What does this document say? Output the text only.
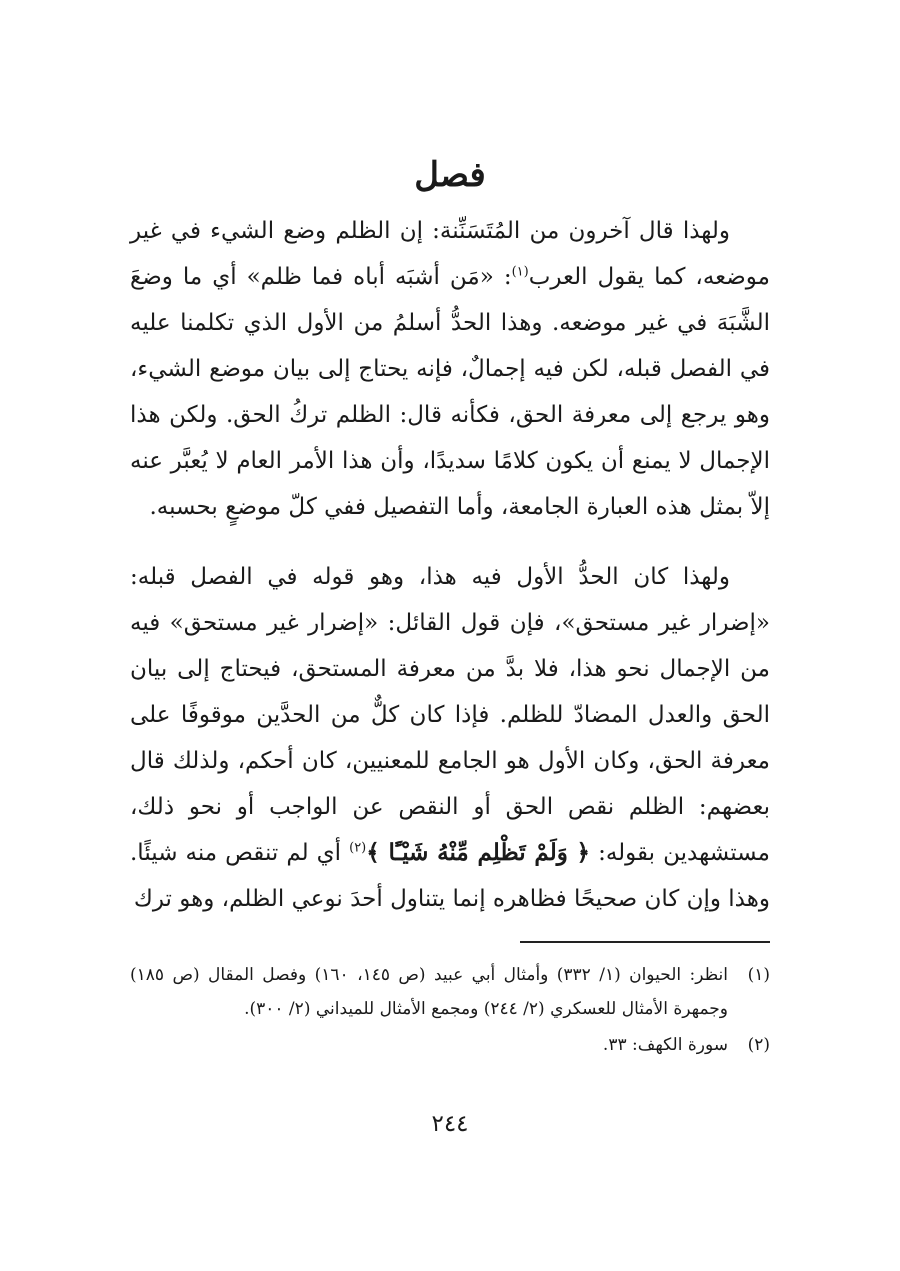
فصل

ولهذا قال آخرون من المُتَسَنِّنة: إن الظلم وضع الشيء في غير موضعه، كما يقول العرب$^{(١)}$: «مَن أشبَه أباه فما ظلم» أي ما وضعَ الشَّبَهَ في غير موضعه. وهذا الحدُّ أسلمُ من الأول الذي تكلمنا عليه في الفصل قبله، لكن فيه إجمالٌ، فإنه يحتاج إلى بيان موضع الشيء، وهو يرجع إلى معرفة الحق، فكأنه قال: الظلم تركُ الحق. ولكن هذا الإجمال لا يمنع أن يكون كلامًا سديدًا، وأن هذا الأمر العام لا يُعبَّر عنه إلاّ بمثل هذه العبارة الجامعة، وأما التفصيل ففي كلّ موضعٍ بحسبه.

ولهذا كان الحدُّ الأول فيه هذا، وهو قوله في الفصل قبله: «إضرار غير مستحق»، فإن قول القائل: «إضرار غير مستحق» فيه من الإجمال نحو هذا، فلا بدَّ من معرفة المستحق، فيحتاج إلى بيان الحق والعدل المضادّ للظلم. فإذا كان كلٌّ من الحدَّين موقوفًا على معرفة الحق، وكان الأول هو الجامع للمعنيين، كان أحكم، ولذلك قال بعضهم: الظلم نقص الحق أو النقص عن الواجب أو نحو ذلك، مستشهدين بقوله: ﴿ وَلَمْ تَظْلِم مِّنْهُ شَيْـًٔا ﴾$^{(٢)}$ أي لم تنقص منه شيئًا. وهذا وإن كان صحيحًا فظاهره إنما يتناول أحدَ نوعي الظلم، وهو ترك

(١)
انظر: الحيوان (١/ ٣٣٢) وأمثال أبي عبيد (ص ١٤٥، ١٦٠) وفصل المقال (ص ١٨٥) وجمهرة الأمثال للعسكري (٢/ ٢٤٤) ومجمع الأمثال للميداني (٢/ ٣٠٠).
(٢)
سورة الكهف: ٣٣.
٢٤٤
